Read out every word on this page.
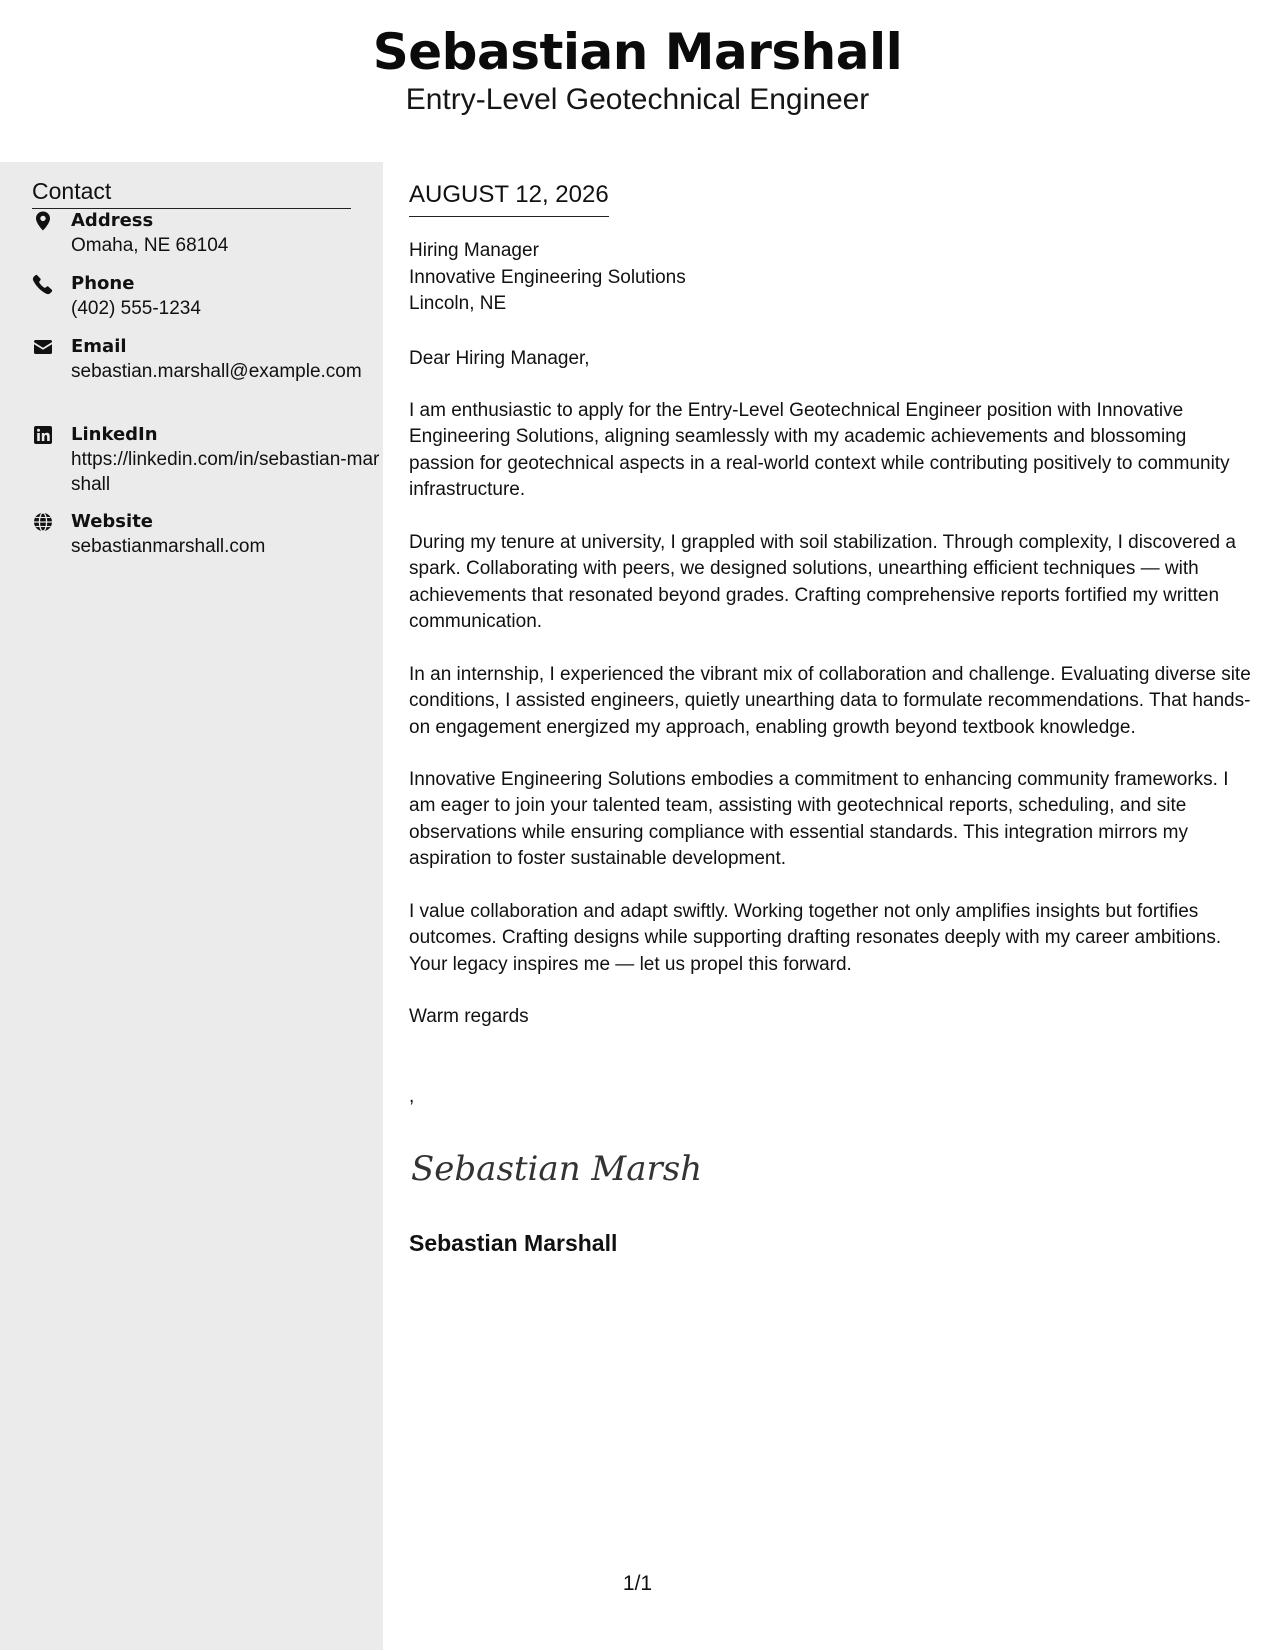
Sebastian Marshall
Entry-Level Geotechnical Engineer
Contact
Address
Omaha, NE 68104
Phone
(402) 555-1234
Email
sebastian.marshall@example.com
LinkedIn
https://linkedin.com/in/sebastian-marshall
Website
sebastianmarshall.com
AUGUST 12, 2026
Hiring Manager
Innovative Engineering Solutions
Lincoln, NE
Dear Hiring Manager,
I am enthusiastic to apply for the Entry-Level Geotechnical Engineer position with Innovative Engineering Solutions, aligning seamlessly with my academic achievements and blossoming passion for geotechnical aspects in a real-world context while contributing positively to community infrastructure.
During my tenure at university, I grappled with soil stabilization. Through complexity, I discovered a spark. Collaborating with peers, we designed solutions, unearthing efficient techniques — with achievements that resonated beyond grades. Crafting comprehensive reports fortified my written communication.
In an internship, I experienced the vibrant mix of collaboration and challenge. Evaluating diverse site conditions, I assisted engineers, quietly unearthing data to formulate recommendations. That hands-on engagement energized my approach, enabling growth beyond textbook knowledge.
Innovative Engineering Solutions embodies a commitment to enhancing community frameworks. I am eager to join your talented team, assisting with geotechnical reports, scheduling, and site observations while ensuring compliance with essential standards. This integration mirrors my aspiration to foster sustainable development.
I value collaboration and adapt swiftly. Working together not only amplifies insights but fortifies outcomes. Crafting designs while supporting drafting resonates deeply with my career ambitions. Your legacy inspires me — let us propel this forward.
Warm regards
,
Sebastian Marsh
Sebastian Marshall
1/1
